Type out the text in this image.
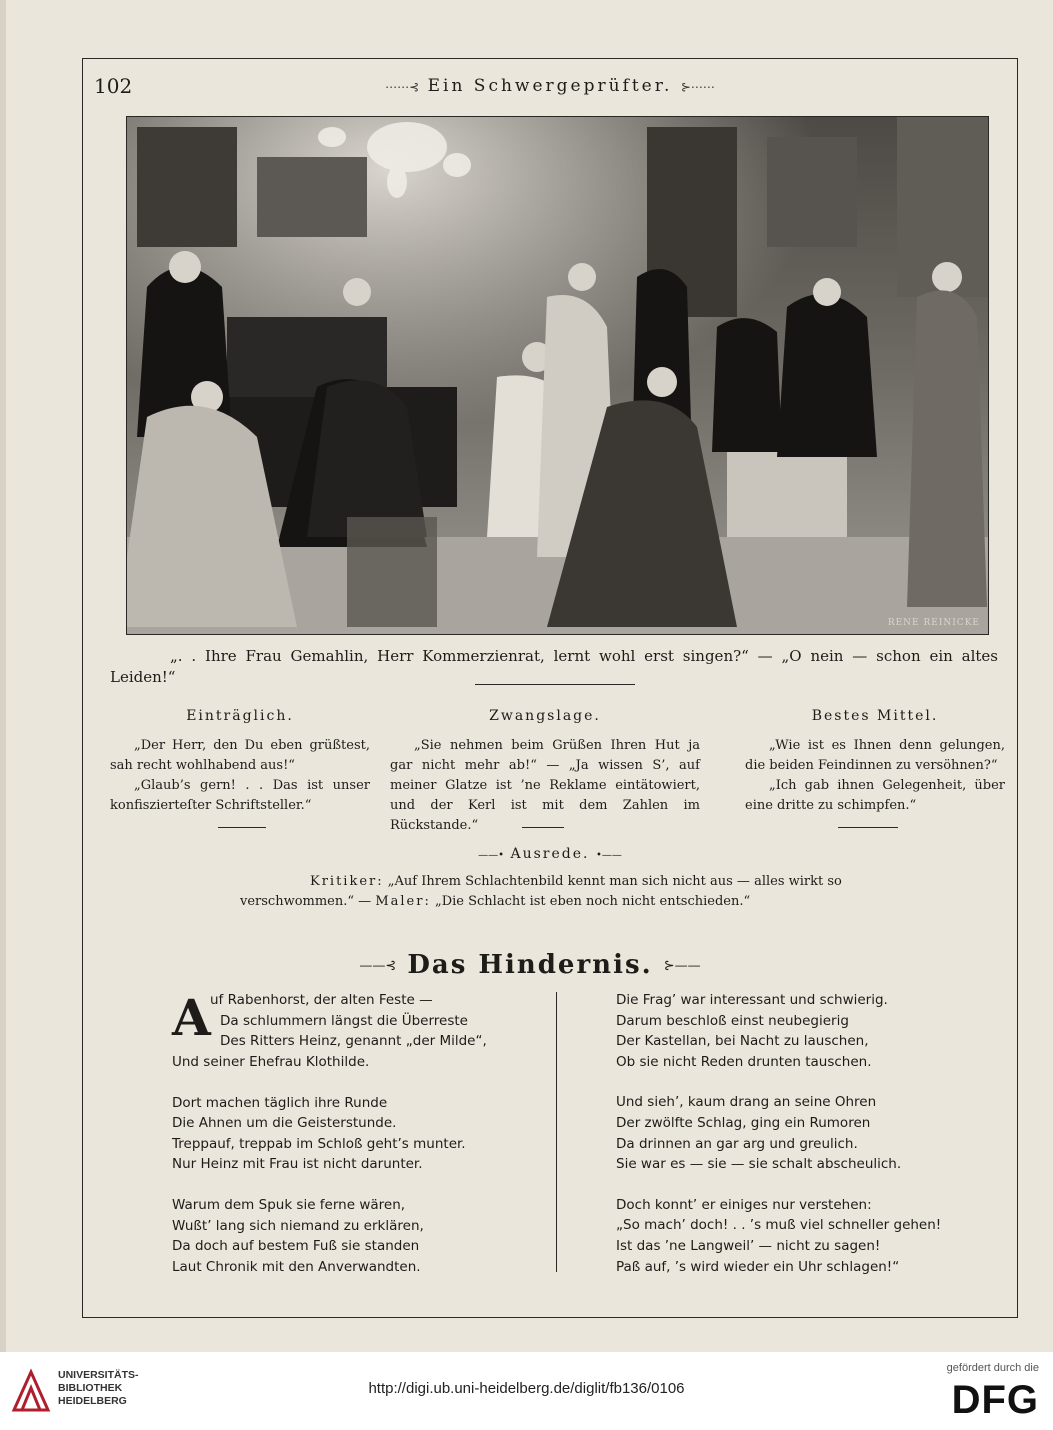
102	⋯⋯⊰ Ein Schwergeprüfter. ⊱⋯⋯
RENE REINICKE
„. . Ihre Frau Gemahlin, Herr Kommerzienrat, lernt wohl erst singen?“ — „O nein — schon ein altes Leiden!“
Einträglich.

„Der Herr, den Du eben grüßtest, sah recht wohlhabend aus!“

„Glaub’s gern! . . Das ist unser konfiszierteſter Schriftsteller.“

Zwangslage.

„Sie nehmen beim Grüßen Ihren Hut ja gar nicht mehr ab!“ — „Ja wissen S’, auf meiner Glatze ist ’ne Reklame eintätowiert, und der Kerl ist mit dem Zahlen im Rückstande.“

Bestes Mittel.

„Wie ist es Ihnen denn gelungen, die beiden Feindinnen zu versöhnen?“

„Ich gab ihnen Gelegenheit, über eine dritte zu schimpfen.“

——• Ausrede. •——
Kritiker: „Auf Ihrem Schlachtenbild kennt man sich nicht aus — alles wirkt so
verschwommen.“ — Maler: „Die Schlacht ist eben noch nicht entschieden.“
——⊰ Das Hindernis. ⊱——
A uf Rabenhorst, der alten Feste —
Da schlummern längst die Überreste
Des Ritters Heinz, genannt „der Milde“,
Und seiner Ehefrau Klothilde.
Dort machen täglich ihre Runde
Die Ahnen um die Geisterstunde.
Treppauf, treppab im Schloß geht’s munter.
Nur Heinz mit Frau ist nicht darunter.
Warum dem Spuk sie ferne wären,
Wußt’ lang sich niemand zu erklären,
Da doch auf bestem Fuß sie standen
Laut Chronik mit den Anverwandten.
Die Frag’ war interessant und schwierig.
Darum beschloß einst neubegierig
Der Kastellan, bei Nacht zu lauschen,
Ob sie nicht Reden drunten tauschen.
Und sieh’, kaum drang an seine Ohren
Der zwölfte Schlag, ging ein Rumoren
Da drinnen an gar arg und greulich.
Sie war es — sie — sie schalt abscheulich.
Doch konnt’ er einiges nur verstehen:
„So mach’ doch! . . ’s muß viel schneller gehen!
Ist das ’ne Langweil’ — nicht zu sagen!
Paß auf, ’s wird wieder ein Uhr schlagen!“
UNIVERSITÄTS-
BIBLIOTHEK
HEIDELBERG
http://digi.ub.uni-heidelberg.de/diglit/fb136/0106
gefördert durch die
DFG
